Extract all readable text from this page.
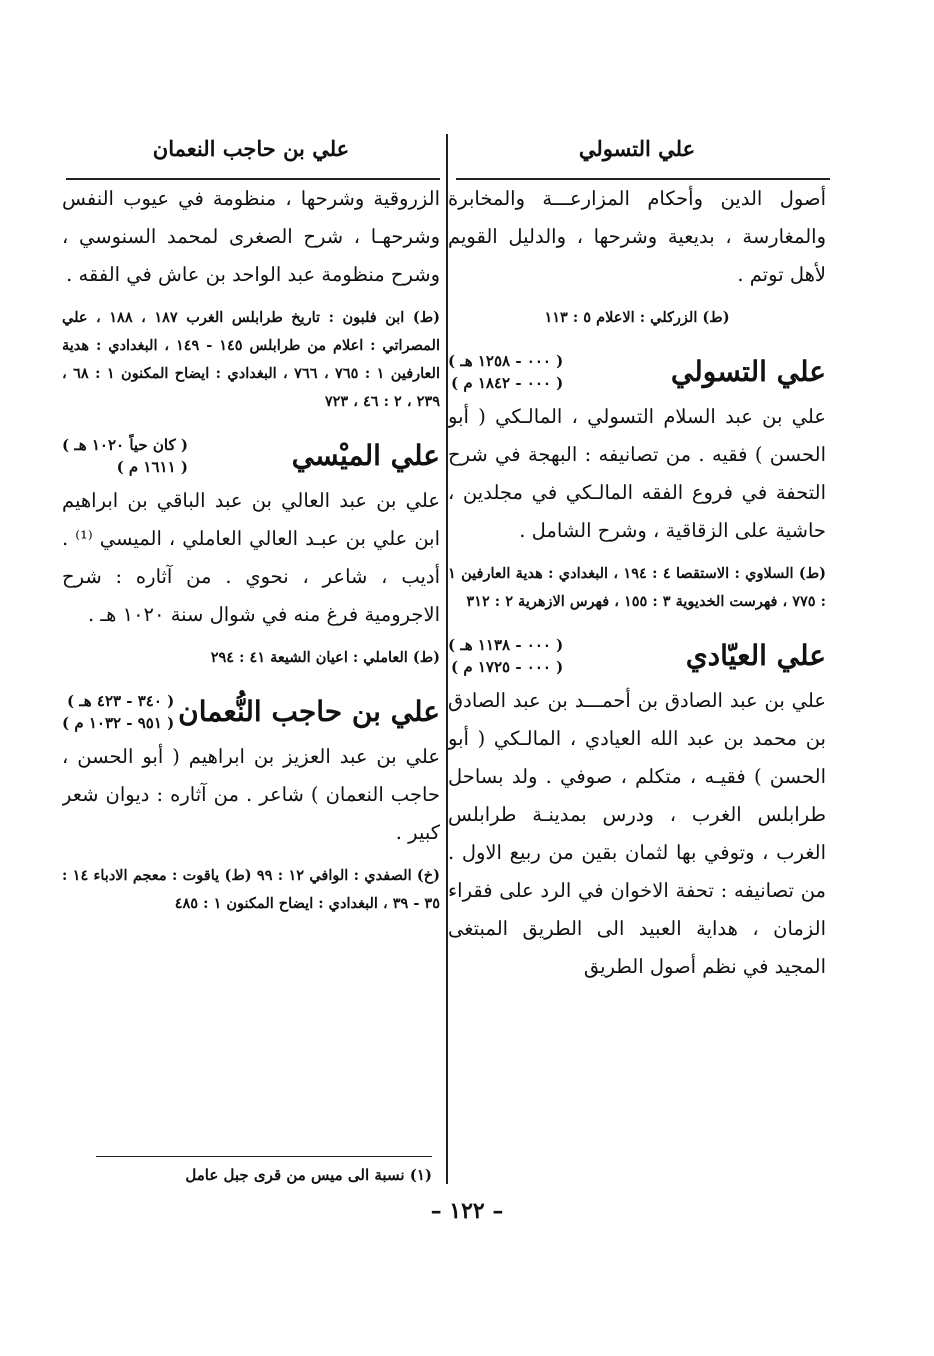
علي التسولي
أصول الدين وأحكام المزارعـــة والمخابرة والمغارسة ، بديعية وشرحها ، والدليل القويم لأهل توتم .
(ط) الزركلي : الاعلام ٥ : ١١٣
علي التسولي
( ٠٠٠ - ١٢٥٨ هـ )
( ٠٠٠ - ١٨٤٢ م )
علي بن عبد السلام التسولي ، المالـكي ( أبو الحسن ) فقيه . من تصانيفه : البهجة في شرح التحفة في فروع الفقه المالـكي في مجلدين ، حاشية على الزقاقية ، وشرح الشامل .
(ط) السلاوي : الاستقصا ٤ : ١٩٤ ، البغدادي : هدية العارفين ١ : ٧٧٥ ، فهرست الخديوية ٣ : ١٥٥ ، فهرس الازهرية ٢ : ٣١٢
علي العيّادي
( ٠٠٠ - ١١٣٨ هـ )
( ٠٠٠ - ١٧٢٥ م )
علي بن عبد الصادق بن أحمـــد بن عبد الصادق بن محمد بن عبد الله العيادي ، المالـكي ( أبو الحسن ) فقيـه ، متكلم ، صوفي . ولد بساحل طرابلس الغرب ، ودرس بمدينـة طرابلس الغرب ، وتوفي بها لثمان بقين من ربيع الاول . من تصانيفه : تحفة الاخوان في الرد على فقراء الزمان ، هداية العبيد الى الطريق المبتغى المجيد في نظم أصول الطريق
علي بن حاجب النعمان
الزروقية وشرحها ، منظومة في عيوب النفس وشرحهـا ، شرح الصغرى لمحمد السنوسي ، وشرح منظومة عبد الواحد بن عاش في الفقه .
(ط) ابن فلبون : تاريخ طرابلس الغرب ١٨٧ ، ١٨٨ ، علي المصراتي : اعلام من طرابلس ١٤٥ - ١٤٩ ، البغدادي : هدية العارفين ١ : ٧٦٥ ، ٧٦٦ ، البغدادي : ايضاح المكنون ١ : ٦٨ ، ٢٣٩ ، ٢ : ٤٦ ، ٧٢٣
علي الميْسي
( كان حياً ١٠٢٠ هـ )
( ١٦١١ م )
علي بن عبد العالي بن عبد الباقي بن ابراهيم ابن علي بن عبـد العالي العاملي ، الميسي ⁽¹⁾ . أديب ، شاعر ، نحوي . من آثاره : شرح الاجرومية فرغ منه في شوال سنة ١٠٢٠ هـ .
(ط) العاملي : اعيان الشيعة ٤١ : ٢٩٤
علي بن حاجب النُّعمان
( ٣٤٠ - ٤٢٣ هـ )
( ٩٥١ - ١٠٣٢ م )
علي بن عبد العزيز بن ابراهيم ( أبو الحسن ، حاجب النعمان ) شاعر . من آثاره : ديوان شعر كبير .
(خ) الصفدي : الوافي ١٢ : ٩٩ (ط) ياقوت : معجم الادباء ١٤ : ٣٥ - ٣٩ ، البغدادي : ايضاح المكنون ١ : ٤٨٥
(١) نسبة الى ميس من قرى جبل عامل
– ١٢٢ –
